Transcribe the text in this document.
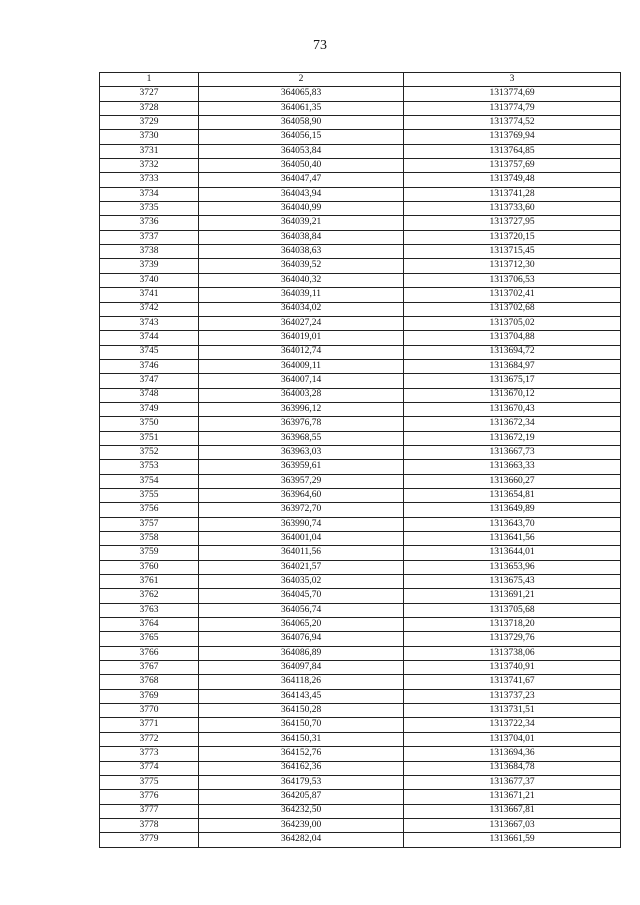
73
1	2	3
3727	364065,83	1313774,69
3728	364061,35	1313774,79
3729	364058,90	1313774,52
3730	364056,15	1313769,94
3731	364053,84	1313764,85
3732	364050,40	1313757,69
3733	364047,47	1313749,48
3734	364043,94	1313741,28
3735	364040,99	1313733,60
3736	364039,21	1313727,95
3737	364038,84	1313720,15
3738	364038,63	1313715,45
3739	364039,52	1313712,30
3740	364040,32	1313706,53
3741	364039,11	1313702,41
3742	364034,02	1313702,68
3743	364027,24	1313705,02
3744	364019,01	1313704,88
3745	364012,74	1313694,72
3746	364009,11	1313684,97
3747	364007,14	1313675,17
3748	364003,28	1313670,12
3749	363996,12	1313670,43
3750	363976,78	1313672,34
3751	363968,55	1313672,19
3752	363963,03	1313667,73
3753	363959,61	1313663,33
3754	363957,29	1313660,27
3755	363964,60	1313654,81
3756	363972,70	1313649,89
3757	363990,74	1313643,70
3758	364001,04	1313641,56
3759	364011,56	1313644,01
3760	364021,57	1313653,96
3761	364035,02	1313675,43
3762	364045,70	1313691,21
3763	364056,74	1313705,68
3764	364065,20	1313718,20
3765	364076,94	1313729,76
3766	364086,89	1313738,06
3767	364097,84	1313740,91
3768	364118,26	1313741,67
3769	364143,45	1313737,23
3770	364150,28	1313731,51
3771	364150,70	1313722,34
3772	364150,31	1313704,01
3773	364152,76	1313694,36
3774	364162,36	1313684,78
3775	364179,53	1313677,37
3776	364205,87	1313671,21
3777	364232,50	1313667,81
3778	364239,00	1313667,03
3779	364282,04	1313661,59
